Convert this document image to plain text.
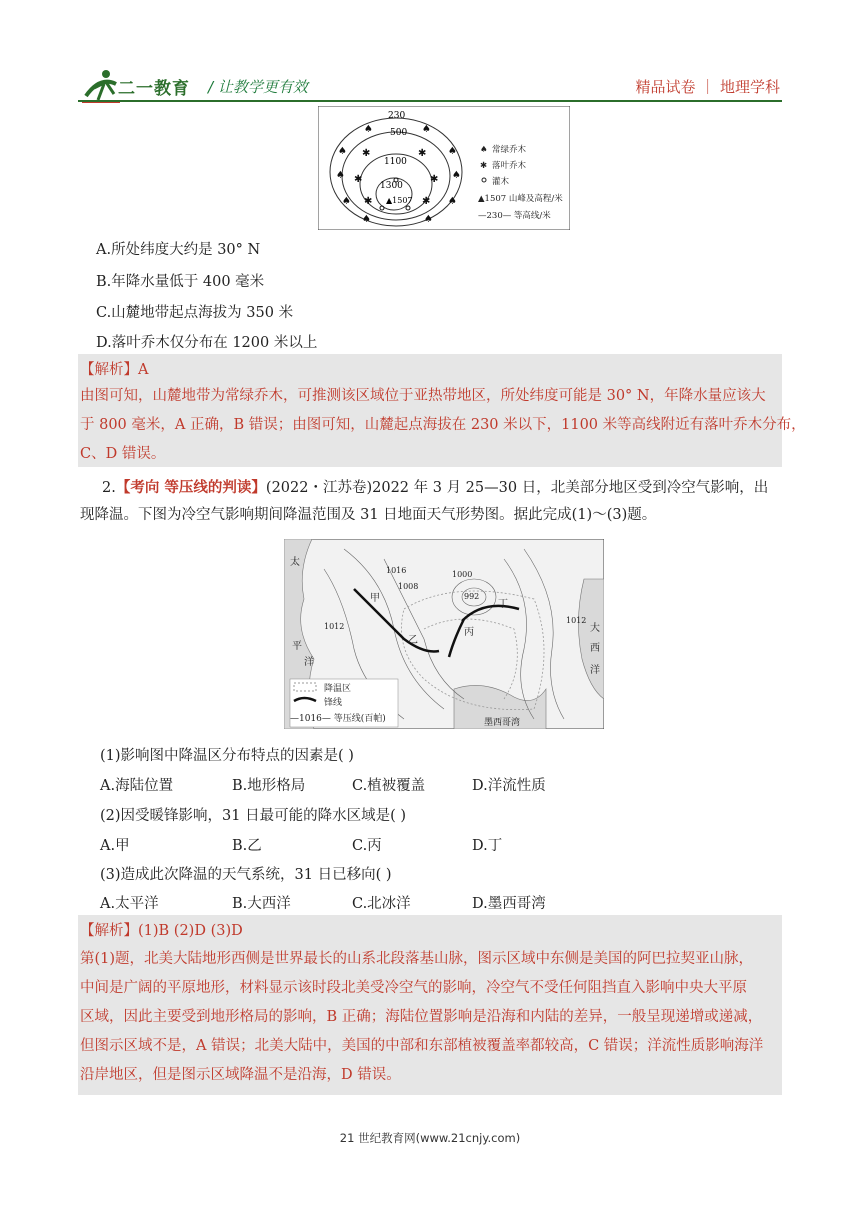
二一教育 / 让教学更有效	精品试卷 ｜ 地理学科
230
500
1100
1300
▲1507
♠	♠
♠	♠
♠	♠
♠	♠
♠	♠
✱	✱
✱	✱
✱	✱
♠ 常绿乔木
✱ 落叶乔木
灌木
▲1507 山峰及高程/米
—230— 等高线/米
A.所处纬度大约是 30° N
B.年降水量低于 400 毫米
C.山麓地带起点海拔为 350 米
D.落叶乔木仅分布在 1200 米以上
【解析】A
由图可知，山麓地带为常绿乔木，可推测该区域位于亚热带地区，所处纬度可能是 30° N，年降水量应该大
于 800 毫米，A 正确，B 错误；由图可知，山麓起点海拔在 230 米以下，1100 米等高线附近有落叶乔木分布，
C、D 错误。
2.【考向 等压线的判读】(2022・江苏卷)2022 年 3 月 25—30 日，北美部分地区受到冷空气影响，出
现降温。下图为冷空气影响期间降温范围及 31 日地面天气形势图。据此完成(1)～(3)题。
太
平
洋
大
西
洋
甲
乙
丙
丁
1000
992
1016
1012
1008
1012
墨西哥湾
降温区
锋线
—1016— 等压线(百帕)
(1)影响图中降温区分布特点的因素是( )
A.海陆位置	B.地形格局	C.植被覆盖	D.洋流性质
(2)因受暖锋影响，31 日最可能的降水区域是( )
A.甲	B.乙	C.丙	D.丁
(3)造成此次降温的天气系统，31 日已移向( )
A.太平洋	B.大西洋	C.北冰洋	D.墨西哥湾
【解析】(1)B (2)D (3)D
第(1)题，北美大陆地形西侧是世界最长的山系北段落基山脉，图示区域中东侧是美国的阿巴拉契亚山脉，
中间是广阔的平原地形，材料显示该时段北美受冷空气的影响，冷空气不受任何阻挡直入影响中央大平原
区域，因此主要受到地形格局的影响，B 正确；海陆位置影响是沿海和内陆的差异，一般呈现递增或递减，
但图示区域不是，A 错误；北美大陆中，美国的中部和东部植被覆盖率都较高，C 错误；洋流性质影响海洋
沿岸地区，但是图示区域降温不是沿海，D 错误。
21 世纪教育网(www.21cnjy.com)
